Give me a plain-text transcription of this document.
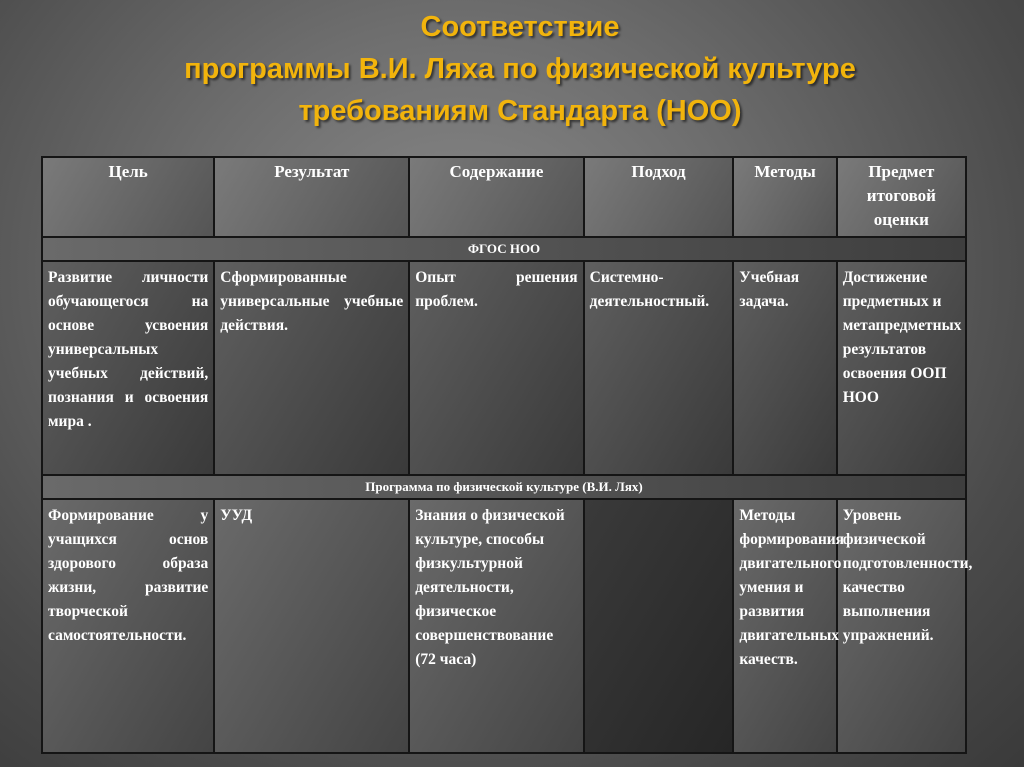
Соответствие
программы В.И. Ляха по физической культуре
требованиям Стандарта (НОО)
Цель	Результат	Содержание	Подход	Методы	Предмет итоговой оценки
ФГОС НОО					
Развитие личности обучающегося на основе усвоения универсальных учебных действий, познания и освоения мира .	Сформированные универсальные учебные действия.	Опыт решения проблем.	Системно-деятельностный.	Учебная задача.	Достижение предметных и метапредметных результатов освоения ООП НОО
Программа по физической культуре (В.И. Лях)					
Формирование у учащихся основ здорового образа жизни, развитие творческой самостоятельности.	УУД	Знания о физической культуре, способы физкультурной деятельности, физическое совершенствование (72 часа)		Методы формирования двигательного умения и развития двигательных качеств.	Уровень физической подготовленности, качество выполнения упражнений.
